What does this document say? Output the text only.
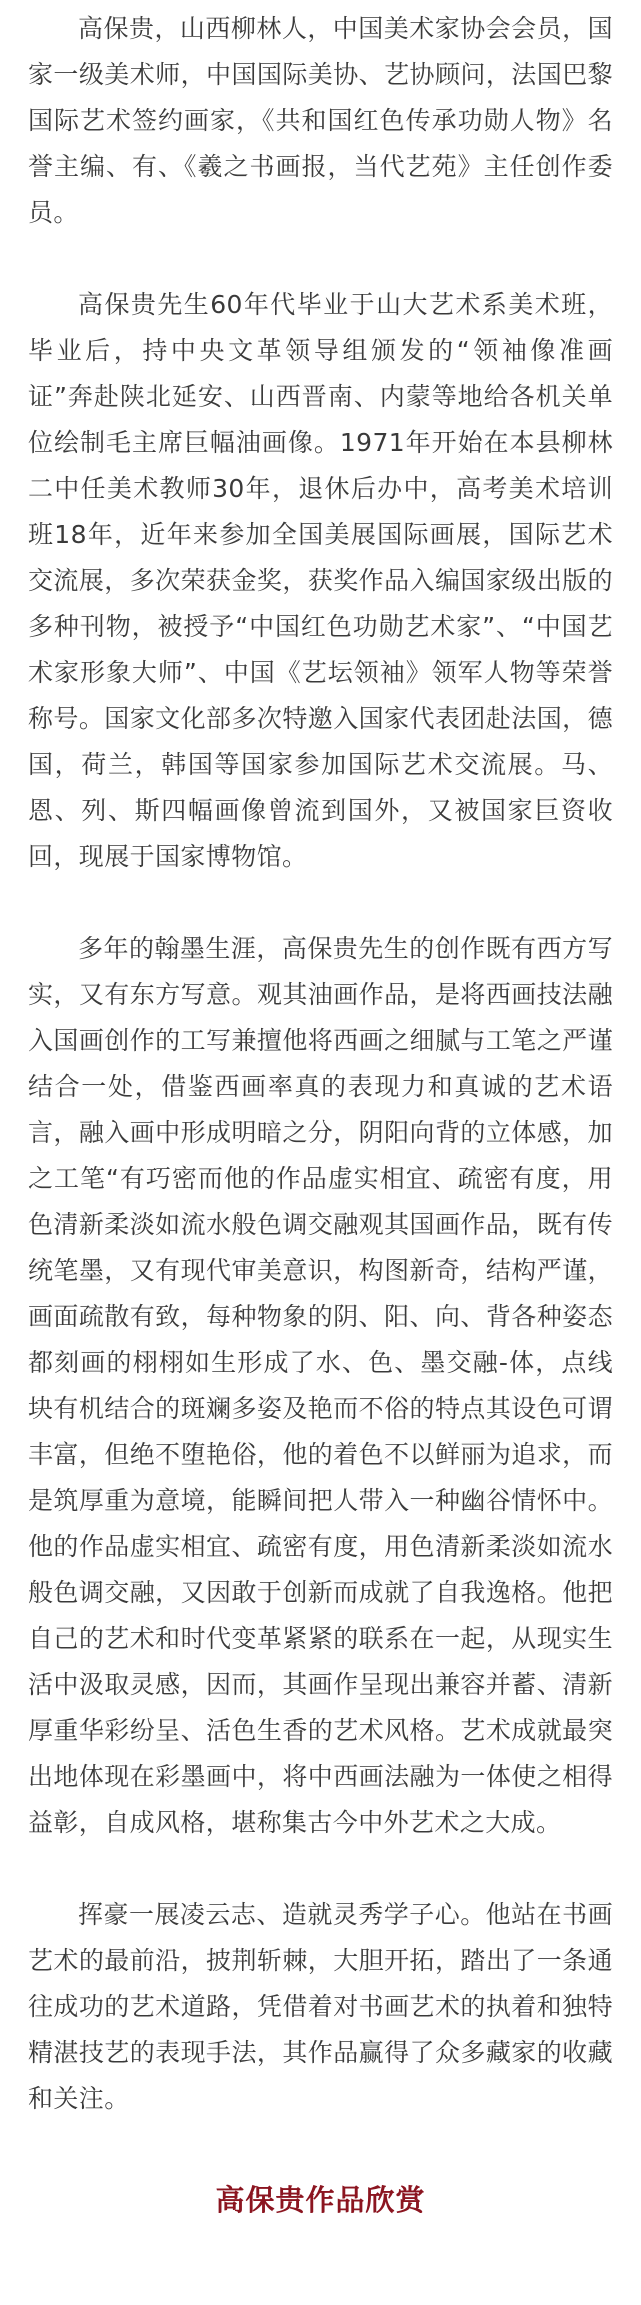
高保贵，山西柳林人，中国美术家协会会员，国家一级美术师，中国国际美协、艺协顾问，法国巴黎国际艺术签约画家，《共和国红色传承功勋人物》名誉主编、有、《羲之书画报，当代艺苑》主任创作委员。

高保贵先生60年代毕业于山大艺术系美术班，毕业后，持中央文革领导组颁发的“领袖像准画证”奔赴陕北延安、山西晋南、内蒙等地给各机关单位绘制毛主席巨幅油画像。1971年开始在本县柳林二中任美术教师30年，退休后办中，高考美术培训班18年，近年来参加全国美展国际画展，国际艺术交流展，多次荣获金奖，获奖作品入编国家级出版的多种刊物，被授予“中国红色功勋艺术家”、“中国艺术家形象大师”、中国《艺坛领袖》领军人物等荣誉称号。国家文化部多次特邀入国家代表团赴法国，德国，荷兰，韩国等国家参加国际艺术交流展。马、恩、列、斯四幅画像曾流到国外，又被国家巨资收回，现展于国家博物馆。

多年的翰墨生涯，高保贵先生的创作既有西方写实，又有东方写意。观其油画作品，是将西画技法融入国画创作的工写兼擅他将西画之细腻与工笔之严谨结合一处，借鉴西画率真的表现力和真诚的艺术语言，融入画中形成明暗之分，阴阳向背的立体感，加之工笔“有巧密而他的作品虚实相宜、疏密有度，用色清新柔淡如流水般色调交融观其国画作品，既有传统笔墨，又有现代审美意识，构图新奇，结构严谨，画面疏散有致，每种物象的阴、阳、向、背各种姿态都刻画的栩栩如生形成了水、色、墨交融-体，点线块有机结合的斑斓多姿及艳而不俗的特点其设色可谓丰富，但绝不堕艳俗，他的着色不以鲜丽为追求，而是筑厚重为意境，能瞬间把人带入一种幽谷情怀中。他的作品虚实相宜、疏密有度，用色清新柔淡如流水般色调交融，又因敢于创新而成就了自我逸格。他把自己的艺术和时代变革紧紧的联系在一起，从现实生活中汲取灵感，因而，其画作呈现出兼容并蓄、清新厚重华彩纷呈、活色生香的艺术风格。艺术成就最突出地体现在彩墨画中，将中西画法融为一体使之相得益彰，自成风格，堪称集古今中外艺术之大成。

挥豪一展凌云志、造就灵秀学子心。他站在书画艺术的最前沿，披荆斩棘，大胆开拓，踏出了一条通往成功的艺术道路，凭借着对书画艺术的执着和独特精湛技艺的表现手法，其作品赢得了众多藏家的收藏和关注。

高保贵作品欣赏
